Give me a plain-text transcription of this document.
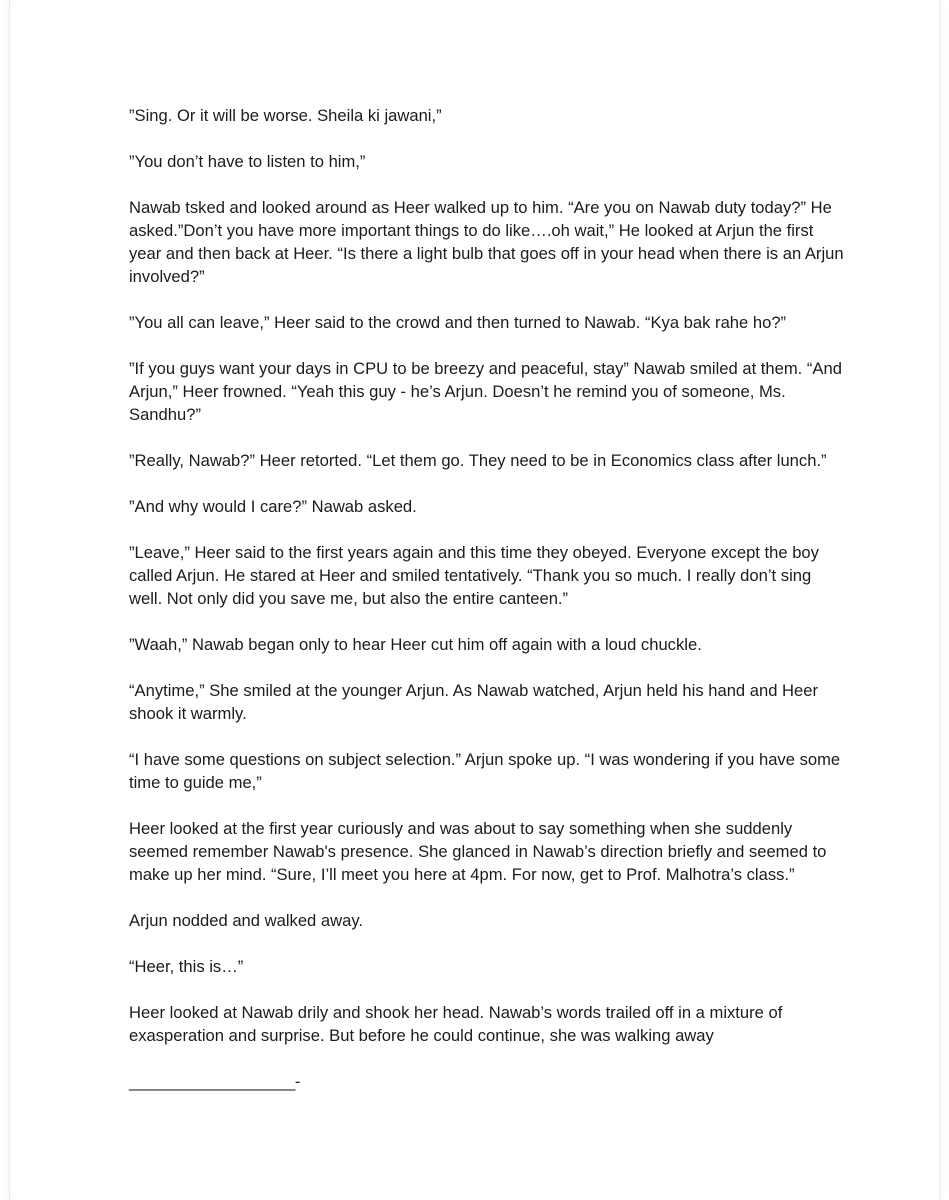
”Sing. Or it will be worse. Sheila ki jawani,”

”You don’t have to listen to him,”

Nawab tsked and looked around as Heer walked up to him. “Are you on Nawab duty today?” He asked.”Don’t you have more important things to do like….oh wait,” He looked at Arjun the first year and then back at Heer. “Is there a light bulb that goes off in your head when there is an Arjun involved?”

”You all can leave,” Heer said to the crowd and then turned to Nawab. “Kya bak rahe ho?”

”If you guys want your days in CPU to be breezy and peaceful, stay” Nawab smiled at them. “And Arjun,” Heer frowned. “Yeah this guy - he’s Arjun. Doesn’t he remind you of someone, Ms. Sandhu?”

”Really, Nawab?” Heer retorted. “Let them go. They need to be in Economics class after lunch.”

”And why would I care?” Nawab asked.

”Leave,” Heer said to the first years again and this time they obeyed. Everyone except the boy called Arjun. He stared at Heer and smiled tentatively. “Thank you so much. I really don’t sing well. Not only did you save me, but also the entire canteen.”

”Waah,” Nawab began only to hear Heer cut him off again with a loud chuckle.

“Anytime,” She smiled at the younger Arjun. As Nawab watched, Arjun held his hand and Heer shook it warmly.

“I have some questions on subject selection.” Arjun spoke up. “I was wondering if you have some time to guide me,”

Heer looked at the first year curiously and was about to say something when she suddenly seemed remember Nawab's presence. She glanced in Nawab’s direction briefly and seemed to make up her mind. “Sure, I’ll meet you here at 4pm. For now, get to Prof. Malhotra’s class.”

Arjun nodded and walked away.

“Heer, this is…”

Heer looked at Nawab drily and shook her head. Nawab’s words trailed off in a mixture of exasperation and surprise. But before he could continue, she was walking away

___________________-
